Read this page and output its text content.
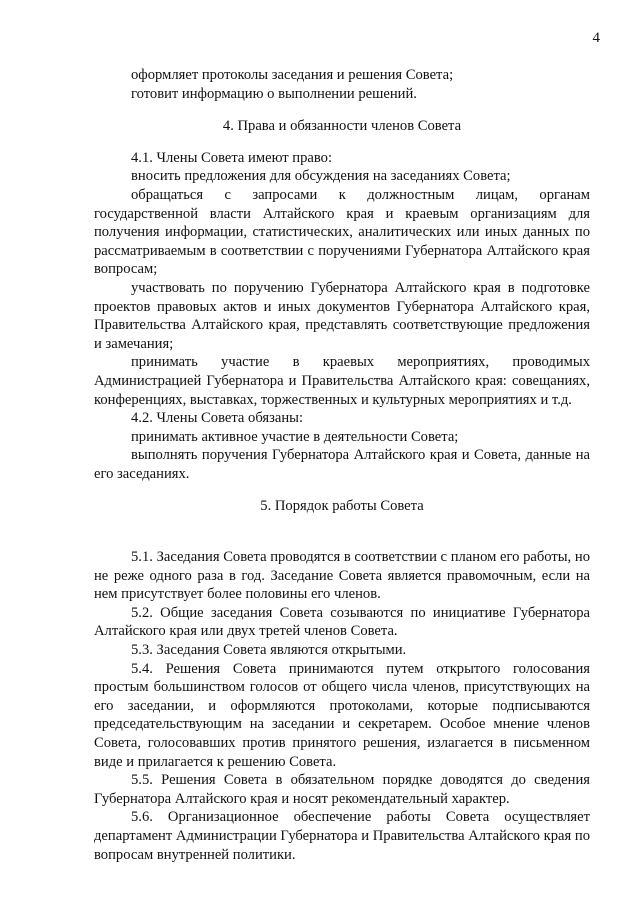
4

оформляет протоколы заседания и решения Совета;

готовит информацию о выполнении решений.

4. Права и обязанности членов Совета

4.1. Члены Совета имеют право:

вносить предложения для обсуждения на заседаниях Совета;

обращаться с запросами к должностным лицам, органам государственной власти Алтайского края и краевым организациям для получения информации, статистических, аналитических или иных данных по рассматриваемым в соответствии с поручениями Губернатора Алтайского края вопросам;

участвовать по поручению Губернатора Алтайского края в подготовке проектов правовых актов и иных документов Губернатора Алтайского края, Правительства Алтайского края, представлять соответствующие предложения и замечания;

принимать участие в краевых мероприятиях, проводимых Администрацией Губернатора и Правительства Алтайского края: совещаниях, конференциях, выставках, торжественных и культурных мероприятиях и т.д.

4.2. Члены Совета обязаны:

принимать активное участие в деятельности Совета;

выполнять поручения Губернатора Алтайского края и Совета, данные на его заседаниях.

5. Порядок работы Совета

5.1. Заседания Совета проводятся в соответствии с планом его работы, но не реже одного раза в год. Заседание Совета является правомочным, если на нем присутствует более половины его членов.

5.2. Общие заседания Совета созываются по инициативе Губернатора Алтайского края или двух третей членов Совета.

5.3. Заседания Совета являются открытыми.

5.4. Решения Совета принимаются путем открытого голосования простым большинством голосов от общего числа членов, присутствующих на его заседании, и оформляются протоколами, которые подписываются председательствующим на заседании и секретарем. Особое мнение членов Совета, голосовавших против принятого решения, излагается в письменном виде и прилагается к решению Совета.

5.5. Решения Совета в обязательном порядке доводятся до сведения Губернатора Алтайского края и носят рекомендательный характер.

5.6. Организационное обеспечение работы Совета осуществляет департамент Администрации Губернатора и Правительства Алтайского края по вопросам внутренней политики.
